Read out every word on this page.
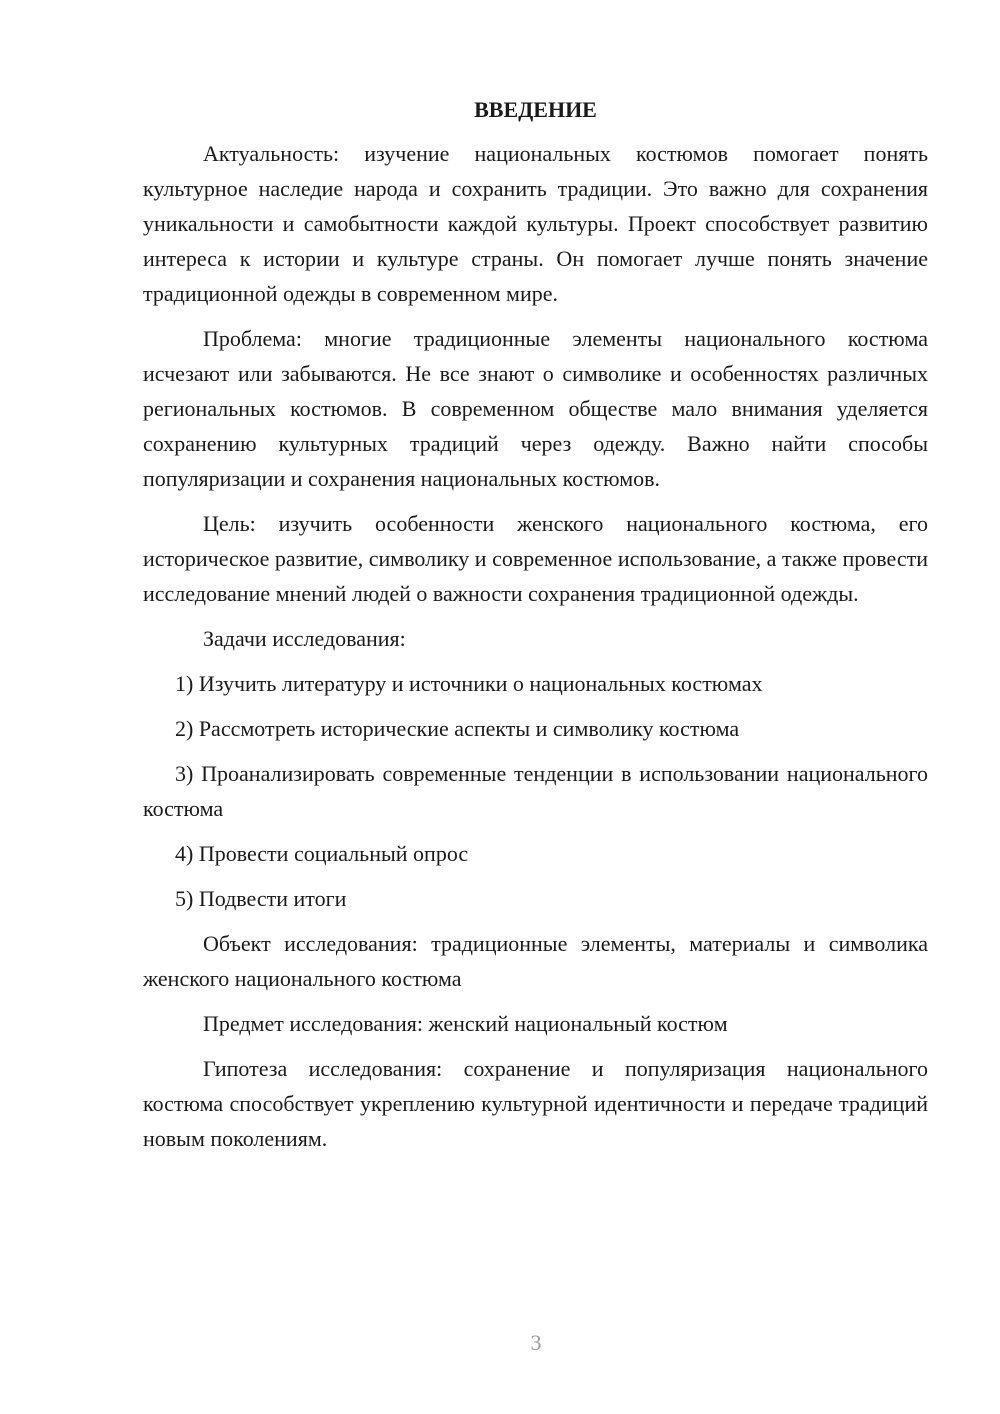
ВВЕДЕНИЕ

Актуальность: изучение национальных костюмов помогает понять культурное наследие народа и сохранить традиции. Это важно для сохранения уникальности и самобытности каждой культуры. Проект способствует развитию интереса к истории и культуре страны. Он помогает лучше понять значение традиционной одежды в современном мире.

Проблема: многие традиционные элементы национального костюма исчезают или забываются. Не все знают о символике и особенностях различных региональных костюмов. В современном обществе мало внимания уделяется сохранению культурных традиций через одежду. Важно найти способы популяризации и сохранения национальных костюмов.

Цель: изучить особенности женского национального костюма, его историческое развитие, символику и современное использование, а также провести исследование мнений людей о важности сохранения традиционной одежды.

Задачи исследования:

1) Изучить литературу и источники о национальных костюмах

2) Рассмотреть исторические аспекты и символику костюма

3) Проанализировать современные тенденции в использовании национального костюма

4) Провести социальный опрос

5) Подвести итоги

Объект исследования: традиционные элементы, материалы и символика женского национального костюма

Предмет исследования: женский национальный костюм

Гипотеза исследования: сохранение и популяризация национального костюма способствует укреплению культурной идентичности и передаче традиций новым поколениям.

3
